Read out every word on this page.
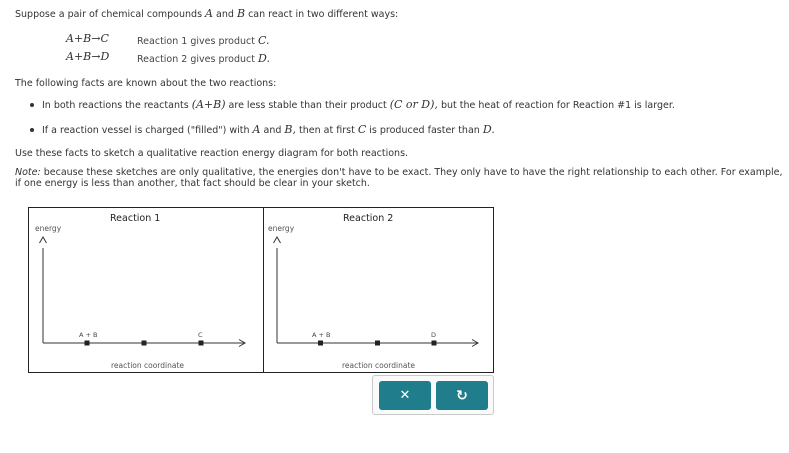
Suppose a pair of chemical compounds A and B can react in two different ways:
A+B→C	Reaction 1 gives product C.
A+B→D	Reaction 2 gives product D.
The following facts are known about the two reactions:
In both reactions the reactants (A+B) are less stable than their product (C or D), but the heat of reaction for Reaction #1 is larger.
If a reaction vessel is charged ("filled") with A and B, then at first C is produced faster than D.
Use these facts to sketch a qualitative reaction energy diagram for both reactions.
Note: because these sketches are only qualitative, the energies don't have to be exact. They only have to have the right relationship to each other. For example,
if one energy is less than another, that fact should be clear in your sketch.
Reaction 1
energy
A + B	C
reaction coordinate
Reaction 2
energy
A + B	D
reaction coordinate
✕	↻
